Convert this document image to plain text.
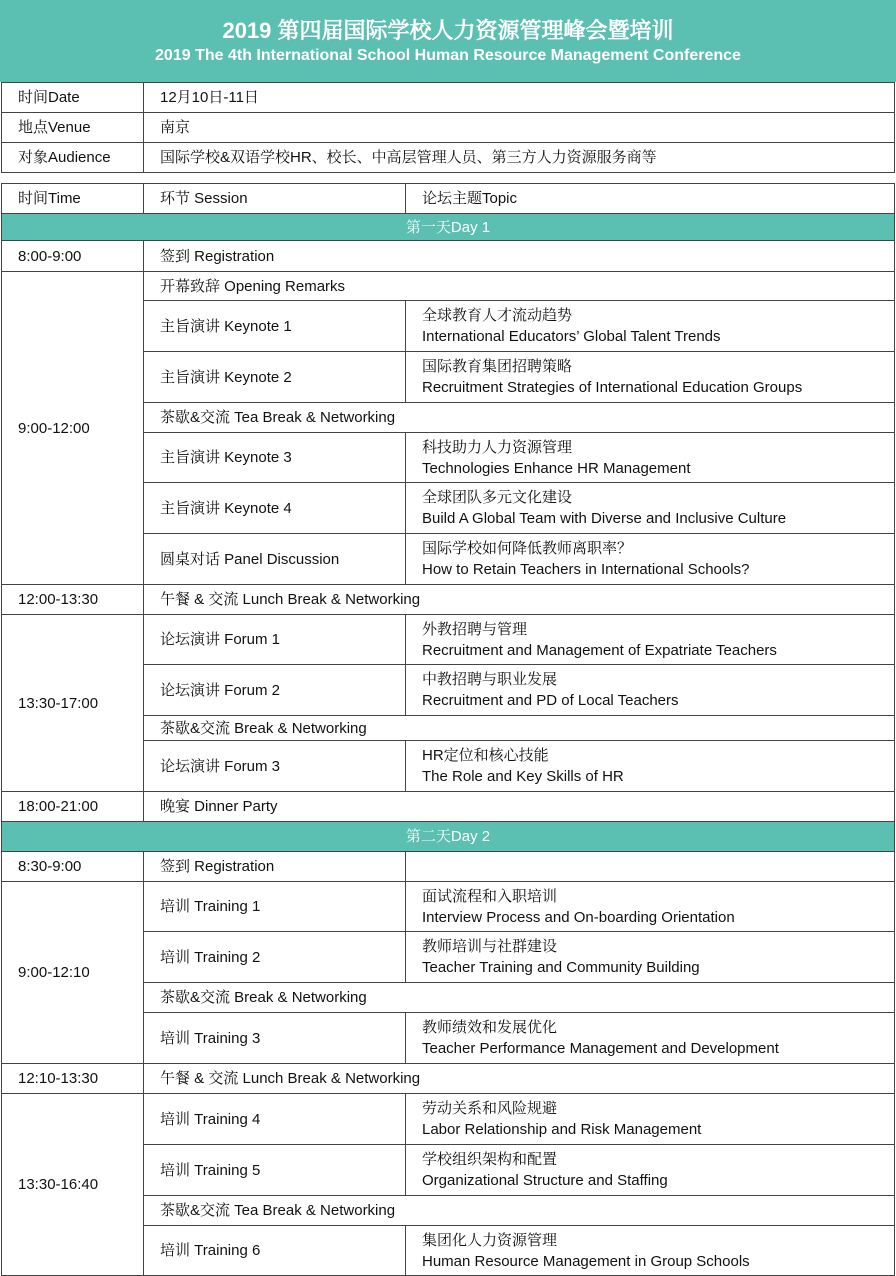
2019 第四届国际学校人力资源管理峰会暨培训
2019 The 4th International School Human Resource Management Conference
时间Date	12月10日-11日
地点Venue	南京
对象Audience	国际学校&双语学校HR、校长、中高层管理人员、第三方人力资源服务商等
时间Time	环节 Session	论坛主题Topic
第一天Day 1		
8:00-9:00	签到 Registration	
9:00-12:00	开幕致辞 Opening Remarks	
	主旨演讲 Keynote 1	全球教育人才流动趋势
International Educators’ Global Talent Trends

	主旨演讲 Keynote 2	国际教育集团招聘策略
Recruitment Strategies of International Education Groups

	茶歇&交流 Tea Break & Networking	
	主旨演讲 Keynote 3	科技助力人力资源管理
Technologies Enhance HR Management

	主旨演讲 Keynote 4	全球团队多元文化建设
Build A Global Team with Diverse and Inclusive Culture

	圆桌对话 Panel Discussion	国际学校如何降低教师离职率？
How to Retain Teachers in International Schools?

12:00-13:30	午餐 & 交流 Lunch Break & Networking	
13:30-17:00	论坛演讲 Forum 1	外教招聘与管理
Recruitment and Management of Expatriate Teachers

	论坛演讲 Forum 2	中教招聘与职业发展
Recruitment and PD of Local Teachers

	茶歇&交流 Break & Networking	
	论坛演讲 Forum 3	HR定位和核心技能
The Role and Key Skills of HR

18:00-21:00	晚宴 Dinner Party	
第二天Day 2		
8:30-9:00	签到 Registration	
9:00-12:10	培训 Training 1	面试流程和入职培训
Interview Process and On-boarding Orientation

	培训 Training 2	教师培训与社群建设
Teacher Training and Community Building

	茶歇&交流 Break & Networking	
	培训 Training 3	教师绩效和发展优化
Teacher Performance Management and Development

12:10-13:30	午餐 & 交流 Lunch Break & Networking	
13:30-16:40	培训 Training 4	劳动关系和风险规避
Labor Relationship and Risk Management

	培训 Training 5	学校组织架构和配置
Organizational Structure and Staffing

	茶歇&交流 Tea Break & Networking	
	培训 Training 6	集团化人力资源管理
Human Resource Management in Group Schools
